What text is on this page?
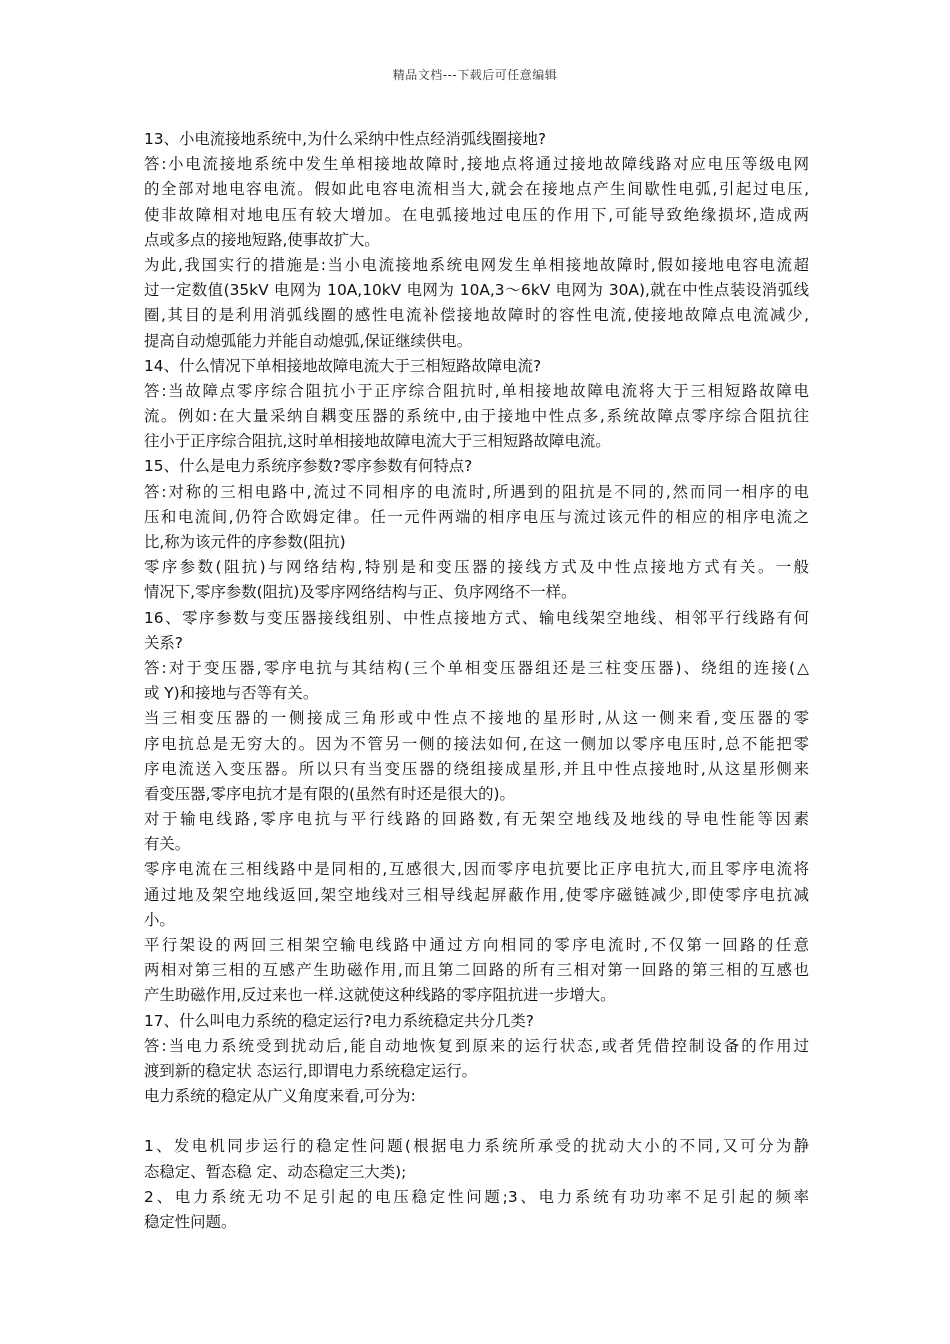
精品文档---下载后可任意编辑
13、小电流接地系统中,为什么采纳中性点经消弧线圈接地?
答:小电流接地系统中发生单相接地故障时,接地点将通过接地故障线路对应电压等级电网
的全部对地电容电流。假如此电容电流相当大,就会在接地点产生间歇性电弧,引起过电压,
使非故障相对地电压有较大增加。在电弧接地过电压的作用下,可能导致绝缘损坏,造成两
点或多点的接地短路,使事故扩大。
为此,我国实行的措施是:当小电流接地系统电网发生单相接地故障时,假如接地电容电流超
过一定数值(35kV 电网为 10A,10kV 电网为 10A,3～6kV 电网为 30A),就在中性点装设消弧线
圈,其目的是利用消弧线圈的感性电流补偿接地故障时的容性电流,使接地故障点电流减少,
提高自动熄弧能力并能自动熄弧,保证继续供电。
14、什么情况下单相接地故障电流大于三相短路故障电流?
答:当故障点零序综合阻抗小于正序综合阻抗时,单相接地故障电流将大于三相短路故障电
流。例如:在大量采纳自耦变压器的系统中,由于接地中性点多,系统故障点零序综合阻抗往
往小于正序综合阻抗,这时单相接地故障电流大于三相短路故障电流。
15、什么是电力系统序参数?零序参数有何特点?
答:对称的三相电路中,流过不同相序的电流时,所遇到的阻抗是不同的,然而同一相序的电
压和电流间,仍符合欧姆定律。任一元件两端的相序电压与流过该元件的相应的相序电流之
比,称为该元件的序参数(阻抗)
零序参数(阻抗)与网络结构,特别是和变压器的接线方式及中性点接地方式有关。一般
情况下,零序参数(阻抗)及零序网络结构与正、负序网络不一样。
16、零序参数与变压器接线组别、中性点接地方式、输电线架空地线、相邻平行线路有何
关系?
答:对于变压器,零序电抗与其结构(三个单相变压器组还是三柱变压器)、绕组的连接(△
或 Y)和接地与否等有关。
当三相变压器的一侧接成三角形或中性点不接地的星形时,从这一侧来看,变压器的零
序电抗总是无穷大的。因为不管另一侧的接法如何,在这一侧加以零序电压时,总不能把零
序电流送入变压器。所以只有当变压器的绕组接成星形,并且中性点接地时,从这星形侧来
看变压器,零序电抗才是有限的(虽然有时还是很大的)。
对于输电线路,零序电抗与平行线路的回路数,有无架空地线及地线的导电性能等因素
有关。
零序电流在三相线路中是同相的,互感很大,因而零序电抗要比正序电抗大,而且零序电流将
通过地及架空地线返回,架空地线对三相导线起屏蔽作用,使零序磁链减少,即使零序电抗减
小。
平行架设的两回三相架空输电线路中通过方向相同的零序电流时,不仅第一回路的任意
两相对第三相的互感产生助磁作用,而且第二回路的所有三相对第一回路的第三相的互感也
产生助磁作用,反过来也一样.这就使这种线路的零序阻抗进一步增大。
17、什么叫电力系统的稳定运行?电力系统稳定共分几类?
答:当电力系统受到扰动后,能自动地恢复到原来的运行状态,或者凭借控制设备的作用过
渡到新的稳定状 态运行,即谓电力系统稳定运行。
电力系统的稳定从广义角度来看,可分为:
1、发电机同步运行的稳定性问题(根据电力系统所承受的扰动大小的不同,又可分为静
态稳定、暂态稳 定、动态稳定三大类);
2、电力系统无功不足引起的电压稳定性问题;3、电力系统有功功率不足引起的频率
稳定性问题。
